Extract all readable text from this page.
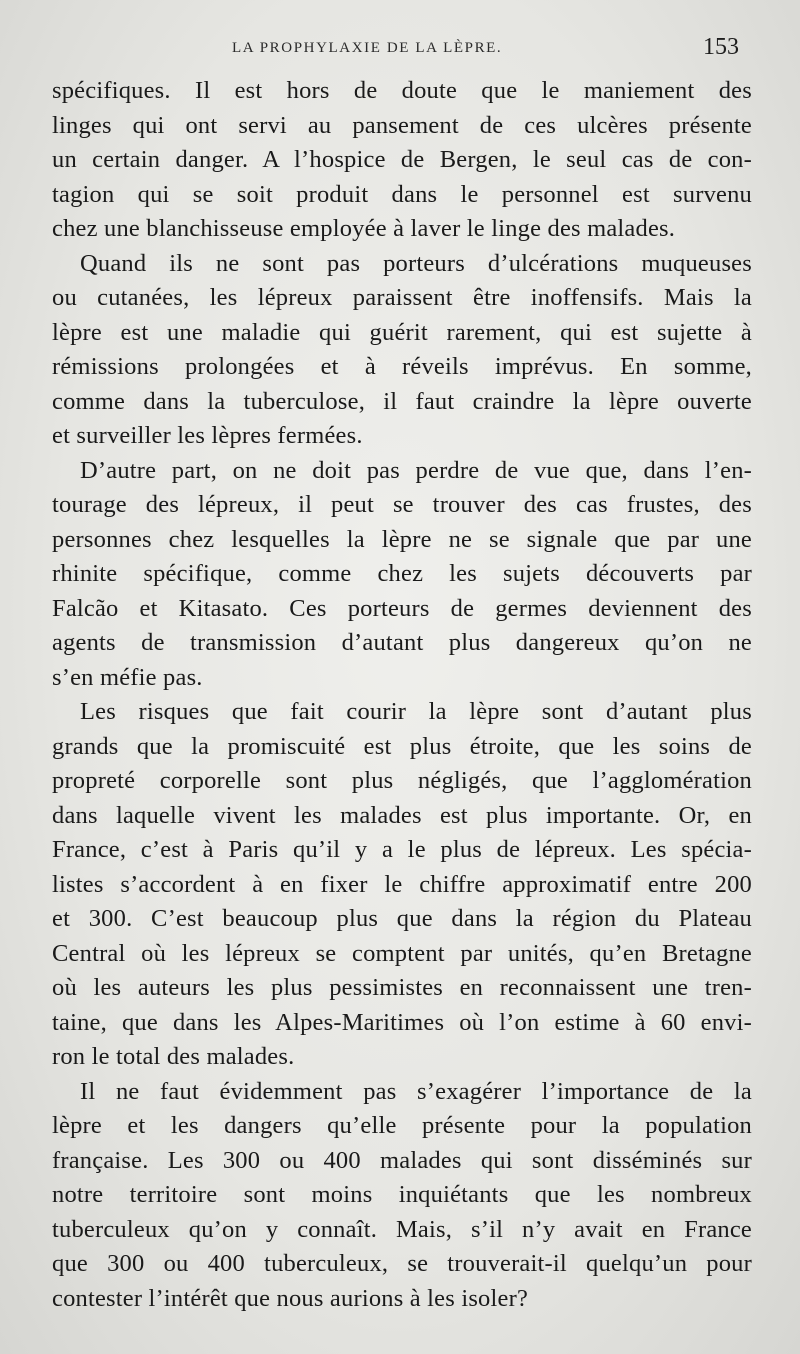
LA PROPHYLAXIE DE LA LÈPRE.	153
spécifiques. Il est hors de doute que le maniement des
linges qui ont servi au pansement de ces ulcères présente
un certain danger. A l’hospice de Bergen, le seul cas de con-
tagion qui se soit produit dans le personnel est survenu
chez une blanchisseuse employée à laver le linge des malades.
Quand ils ne sont pas porteurs d’ulcérations muqueuses
ou cutanées, les lépreux paraissent être inoffensifs. Mais la
lèpre est une maladie qui guérit rarement, qui est sujette à
rémissions prolongées et à réveils imprévus. En somme,
comme dans la tuberculose, il faut craindre la lèpre ouverte
et surveiller les lèpres fermées.
D’autre part, on ne doit pas perdre de vue que, dans l’en-
tourage des lépreux, il peut se trouver des cas frustes, des
personnes chez lesquelles la lèpre ne se signale que par une
rhinite spécifique, comme chez les sujets découverts par
Falcão et Kitasato. Ces porteurs de germes deviennent des
agents de transmission d’autant plus dangereux qu’on ne
s’en méfie pas.
Les risques que fait courir la lèpre sont d’autant plus
grands que la promiscuité est plus étroite, que les soins de
propreté corporelle sont plus négligés, que l’agglomération
dans laquelle vivent les malades est plus importante. Or, en
France, c’est à Paris qu’il y a le plus de lépreux. Les spécia-
listes s’accordent à en fixer le chiffre approximatif entre 200
et 300. C’est beaucoup plus que dans la région du Plateau
Central où les lépreux se comptent par unités, qu’en Bretagne
où les auteurs les plus pessimistes en reconnaissent une tren-
taine, que dans les Alpes-Maritimes où l’on estime à 60 envi-
ron le total des malades.
Il ne faut évidemment pas s’exagérer l’importance de la
lèpre et les dangers qu’elle présente pour la population
française. Les 300 ou 400 malades qui sont disséminés sur
notre territoire sont moins inquiétants que les nombreux
tuberculeux qu’on y connaît. Mais, s’il n’y avait en France
que 300 ou 400 tuberculeux, se trouverait-il quelqu’un pour
contester l’intérêt que nous aurions à les isoler?
